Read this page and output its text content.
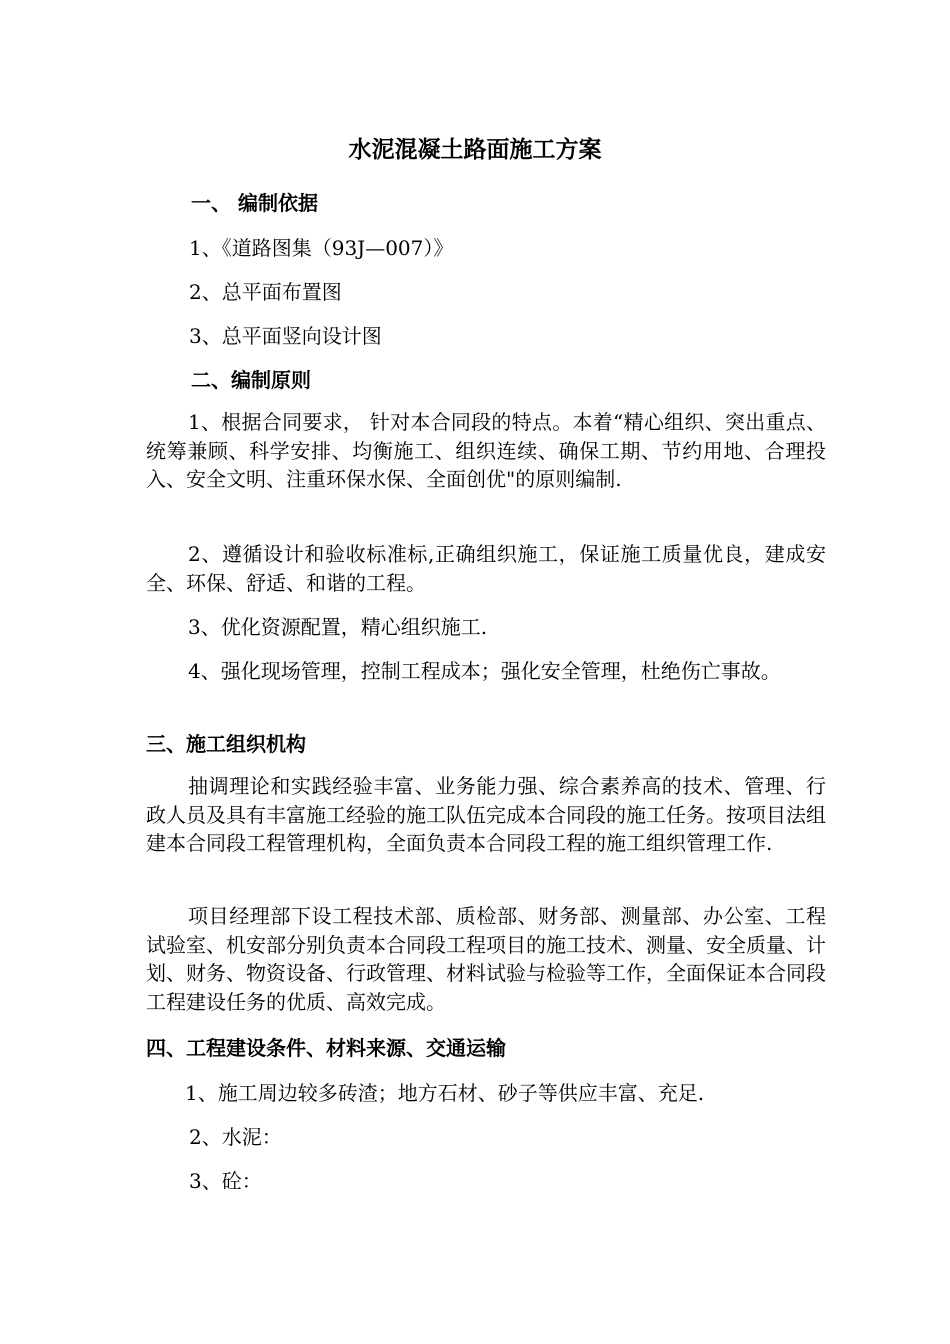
水泥混凝土路面施工方案
一、 编制依据
1、《道路图集（93J—007）》
2、总平面布置图
3、总平面竖向设计图
二、编制原则
1、根据合同要求， 针对本合同段的特点。本着“精心组织、突出重点、统筹兼顾、科学安排、均衡施工、组织连续、确保工期、节约用地、合理投入、安全文明、注重环保水保、全面创优"的原则编制.
2、遵循设计和验收标准标,正确组织施工，保证施工质量优良，建成安全、环保、舒适、和谐的工程。
3、优化资源配置，精心组织施工.
4、强化现场管理，控制工程成本；强化安全管理，杜绝伤亡事故。
三、施工组织机构
抽调理论和实践经验丰富、业务能力强、综合素养高的技术、管理、行政人员及具有丰富施工经验的施工队伍完成本合同段的施工任务。按项目法组建本合同段工程管理机构，全面负责本合同段工程的施工组织管理工作.
项目经理部下设工程技术部、质检部、财务部、测量部、办公室、工程试验室、机安部分别负责本合同段工程项目的施工技术、测量、安全质量、计划、财务、物资设备、行政管理、材料试验与检验等工作，全面保证本合同段工程建设任务的优质、高效完成。
四、工程建设条件、材料来源、交通运输
1、施工周边较多砖渣；地方石材、砂子等供应丰富、充足.
2、水泥：
3、砼：
